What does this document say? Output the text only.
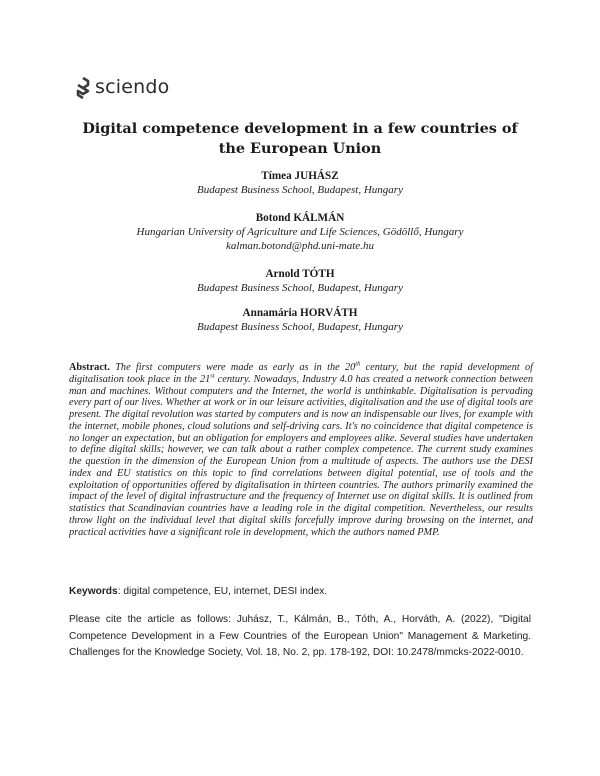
sciendo
Digital competence development in a few countries of the European Union
Tímea JUHÁSZ
Budapest Business School, Budapest, Hungary
Botond KÁLMÁN
Hungarian University of Agriculture and Life Sciences, Gödöllő, Hungary
kalman.botond@phd.uni-mate.hu
Arnold TÓTH
Budapest Business School, Budapest, Hungary
Annamária HORVÁTH
Budapest Business School, Budapest, Hungary

Abstract. The first computers were made as early as in the 20th century, but the rapid development of digitalisation took place in the 21st century. Nowadays, Industry 4.0 has created a network connection between man and machines. Without computers and the Internet, the world is unthinkable. Digitalisation is pervading every part of our lives. Whether at work or in our leisure activities, digitalisation and the use of digital tools are present. The digital revolution was started by computers and is now an indispensable our lives, for example with the internet, mobile phones, cloud solutions and self-driving cars. It's no coincidence that digital competence is no longer an expectation, but an obligation for employers and employees alike. Several studies have undertaken to define digital skills; however, we can talk about a rather complex competence. The current study examines the question in the dimension of the European Union from a multitude of aspects. The authors use the DESI index and EU statistics on this topic to find correlations between digital potential, use of tools and the exploitation of opportunities offered by digitalisation in thirteen countries. The authors primarily examined the impact of the level of digital infrastructure and the frequency of Internet use on digital skills. It is outlined from statistics that Scandinavian countries have a leading role in the digital competition. Nevertheless, our results throw light on the individual level that digital skills forcefully improve during browsing on the internet, and practical activities have a significant role in development, which the authors named PMP.

Keywords: digital competence, EU, internet, DESI index.

Please cite the article as follows: Juhász, T., Kálmán, B., Tóth, A., Horváth, A. (2022), "Digital Competence Development in a Few Countries of the European Union" Management & Marketing. Challenges for the Knowledge Society, Vol. 18, No. 2, pp. 178-192, DOI: 10.2478/mmcks-2022-0010.
